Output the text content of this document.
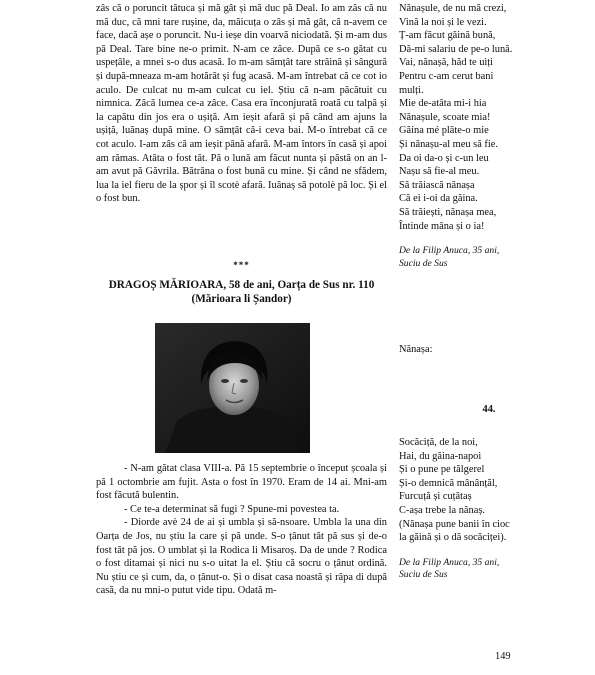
zâs că o poruncit tătuca și mă gât și mă duc pă Deal. Io am zâs că nu mă duc, că mni tare rușine, da, măicuța o zâs și mă gât, că n-avem ce face, dacă așe o poruncit. Nu-i ieșe din voarvă niciodată. Și m-am dus pă Deal. Tare bine ne-o primit. N-am ce zâce. După ce s-o gătat cu uspețâle, a mnei s-o dus acasă. Io m-am sâmțât tare străină și sângură și după-mneaza m-am hotărât și fug acasă. M-am întrebat că ce cot io aculo. De culcat nu m-am culcat cu iel. Știu că n-am păcătuit cu nimnica. Zâcă lumea ce-a zâce. Casa era înconjurată roată cu talpă și la capătu din jos era o ușiță. Am ieșit afară și pă când am ajuns la ușiță, luănaș după mine. O sâmțât că-i ceva bai. M-o întrebat că ce cot aculo. I-am zâs că am ieșit până afară. M-am întors în casă și apoi am rămas. Atâta o fost tăt. Pă o lună am făcut nunta și păstă on an l-am avut pă Găvrila. Bătrâna o fost bună cu mine. Și când ne sfădem, lua la iel fieru de la șpor și îl scotè afară. Iuănaș să potolè pă loc. Și el o fost bun.

***
DRAGOȘ MĂRIOARA, 58 de ani, Oarța de Sus nr. 110
(Mărioara li Șandor)

- N-am gătat clasa VIII-a. Pă 15 septembrie o început școala și pă 1 octombrie am fujit. Asta o fost în 1970. Eram de 14 ai. Mni-am fost făcută bulentin.

- Ce te-a determinat să fugi ? Spune-mi povestea ta.

- Diorde avè 24 de ai și umbla și să-nsoare. Umbla la una din Oarța de Jos, nu știu la care și pă unde. S-o țânut tăt pă sus și de-o fost tăt pă jos. O umblat și la Rodica li Misaroș. Da de unde ? Rodica o fost ditamai și nici nu s-o uitat la el. Știu că socru o țânut ordină. Nu știu ce și cum, da, o țânut-o. Și o disat casa noastă și râpa di după casă, da nu mni-o putut vide tipu. Odată m-

Nănașule, de nu mă crezi,

Vină la noi și le vezi.

Ț-am făcut găină bună,

Dă-mi salariu de pe-o lună.

Vai, nănașă, hăd te uiți

Pentru c-am cerut bani

mulți.

Mie de-atâta mi-i hia

Nănașule, scoate mia!

Găina mé plăte-o mie

Și nănașu-al meu să fie.

Da oi da-o și c-un leu

Nașu să fie-al meu.

Să trăiască nănașa

Că ei i-oi da găina.

Să trăiești, nănașa mea,

Întinde mâna și o ia!

De la Filip Anuca, 35 ani,

Suciu de Sus

Nănașa:
44.

Socăciță, de la noi,

Hai, du găina-napoi

Și o pune pe tălgerel

Și-o demnică mânânțăl,

Furcuță și cuțătaș

C-așa trebe la nănaș.

(Nănașa pune banii în cioc

la găină și o dă socăciței).

De la Filip Anuca, 35 ani,

Suciu de Sus

149
